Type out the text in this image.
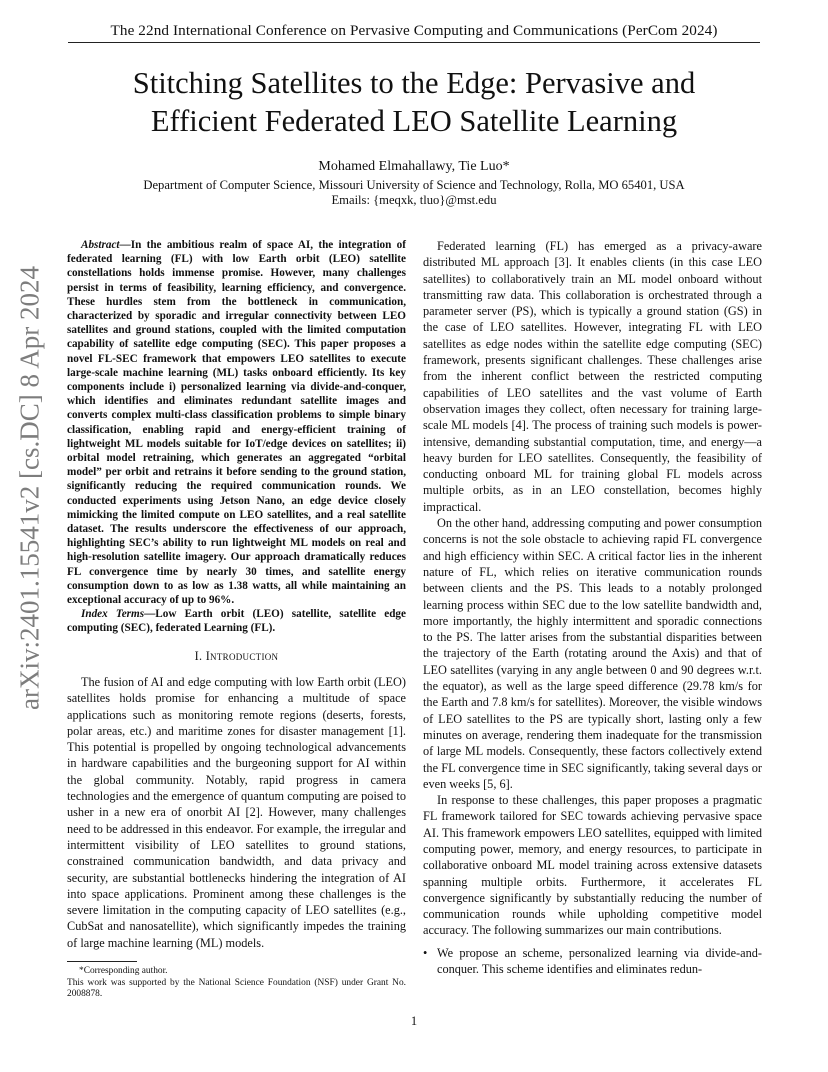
The 22nd International Conference on Pervasive Computing and Communications (PerCom 2024)
Stitching Satellites to the Edge: Pervasive and
Efficient Federated LEO Satellite Learning
Mohamed Elmahallawy, Tie Luo*
Department of Computer Science, Missouri University of Science and Technology, Rolla, MO 65401, USA
Emails: {meqxk, tluo}@mst.edu
arXiv:2401.15541v2 [cs.DC] 8 Apr 2024

Abstract—In the ambitious realm of space AI, the integration of federated learning (FL) with low Earth orbit (LEO) satellite constellations holds immense promise. However, many challenges persist in terms of feasibility, learning efficiency, and convergence. These hurdles stem from the bottleneck in communication, characterized by sporadic and irregular connectivity between LEO satellites and ground stations, coupled with the limited computation capability of satellite edge computing (SEC). This paper proposes a novel FL-SEC framework that empowers LEO satellites to execute large-scale machine learning (ML) tasks onboard efficiently. Its key components include i) personalized learning via divide-and-conquer, which identifies and eliminates redundant satellite images and converts complex multi-class classification problems to simple binary classification, enabling rapid and energy-efficient training of lightweight ML models suitable for IoT/edge devices on satellites; ii) orbital model retraining, which generates an aggregated “orbital model” per orbit and retrains it before sending to the ground station, significantly reducing the required communication rounds. We conducted experiments using Jetson Nano, an edge device closely mimicking the limited compute on LEO satellites, and a real satellite dataset. The results underscore the effectiveness of our approach, highlighting SEC’s ability to run lightweight ML models on real and high-resolution satellite imagery. Our approach dramatically reduces FL convergence time by nearly 30 times, and satellite energy consumption down to as low as 1.38 watts, all while maintaining an exceptional accuracy of up to 96%.

Index Terms—Low Earth orbit (LEO) satellite, satellite edge computing (SEC), federated Learning (FL).

I. Introduction

The fusion of AI and edge computing with low Earth orbit (LEO) satellites holds promise for enhancing a multitude of space applications such as monitoring remote regions (deserts, forests, polar areas, etc.) and maritime zones for disaster management [1]. This potential is propelled by ongoing technological advancements in hardware capabilities and the burgeoning support for AI within the global community. Notably, rapid progress in camera technologies and the emergence of quantum computing are poised to usher in a new era of onorbit AI [2]. However, many challenges need to be addressed in this endeavor. For example, the irregular and intermittent visibility of LEO satellites to ground stations, constrained communication bandwidth, and data privacy and security, are substantial bottlenecks hindering the integration of AI into space applications. Prominent among these challenges is the severe limitation in the computing capacity of LEO satellites (e.g., CubSat and nanosatellite), which significantly impedes the training of large machine learning (ML) models.

*Corresponding author.

This work was supported by the National Science Foundation (NSF) under Grant No. 2008878.

Federated learning (FL) has emerged as a privacy-aware distributed ML approach [3]. It enables clients (in this case LEO satellites) to collaboratively train an ML model onboard without transmitting raw data. This collaboration is orchestrated through a parameter server (PS), which is typically a ground station (GS) in the case of LEO satellites. However, integrating FL with LEO satellites as edge nodes within the satellite edge computing (SEC) framework, presents significant challenges. These challenges arise from the inherent conflict between the restricted computing capabilities of LEO satellites and the vast volume of Earth observation images they collect, often necessary for training large-scale ML models [4]. The process of training such models is power-intensive, demanding substantial computation, time, and energy—a heavy burden for LEO satellites. Consequently, the feasibility of conducting onboard ML for training global FL models across multiple orbits, as in an LEO constellation, becomes highly impractical.

On the other hand, addressing computing and power consumption concerns is not the sole obstacle to achieving rapid FL convergence and high efficiency within SEC. A critical factor lies in the inherent nature of FL, which relies on iterative communication rounds between clients and the PS. This leads to a notably prolonged learning process within SEC due to the low satellite bandwidth and, more importantly, the highly intermittent and sporadic connections to the PS. The latter arises from the substantial disparities between the trajectory of the Earth (rotating around the Axis) and that of LEO satellites (varying in any angle between 0 and 90 degrees w.r.t. the equator), as well as the large speed difference (29.78 km/s for the Earth and 7.8 km/s for satellites). Moreover, the visible windows of LEO satellites to the PS are typically short, lasting only a few minutes on average, rendering them inadequate for the transmission of large ML models. Consequently, these factors collectively extend the FL convergence time in SEC significantly, taking several days or even weeks [5, 6].

In response to these challenges, this paper proposes a pragmatic FL framework tailored for SEC towards achieving pervasive space AI. This framework empowers LEO satellites, equipped with limited computing power, memory, and energy resources, to participate in collaborative onboard ML model training across extensive datasets spanning multiple orbits. Furthermore, it accelerates FL convergence significantly by substantially reducing the number of communication rounds while upholding competitive model accuracy. The following summarizes our main contributions.

• We propose an scheme, personalized learning via divide-and-conquer. This scheme identifies and eliminates redun-
1
